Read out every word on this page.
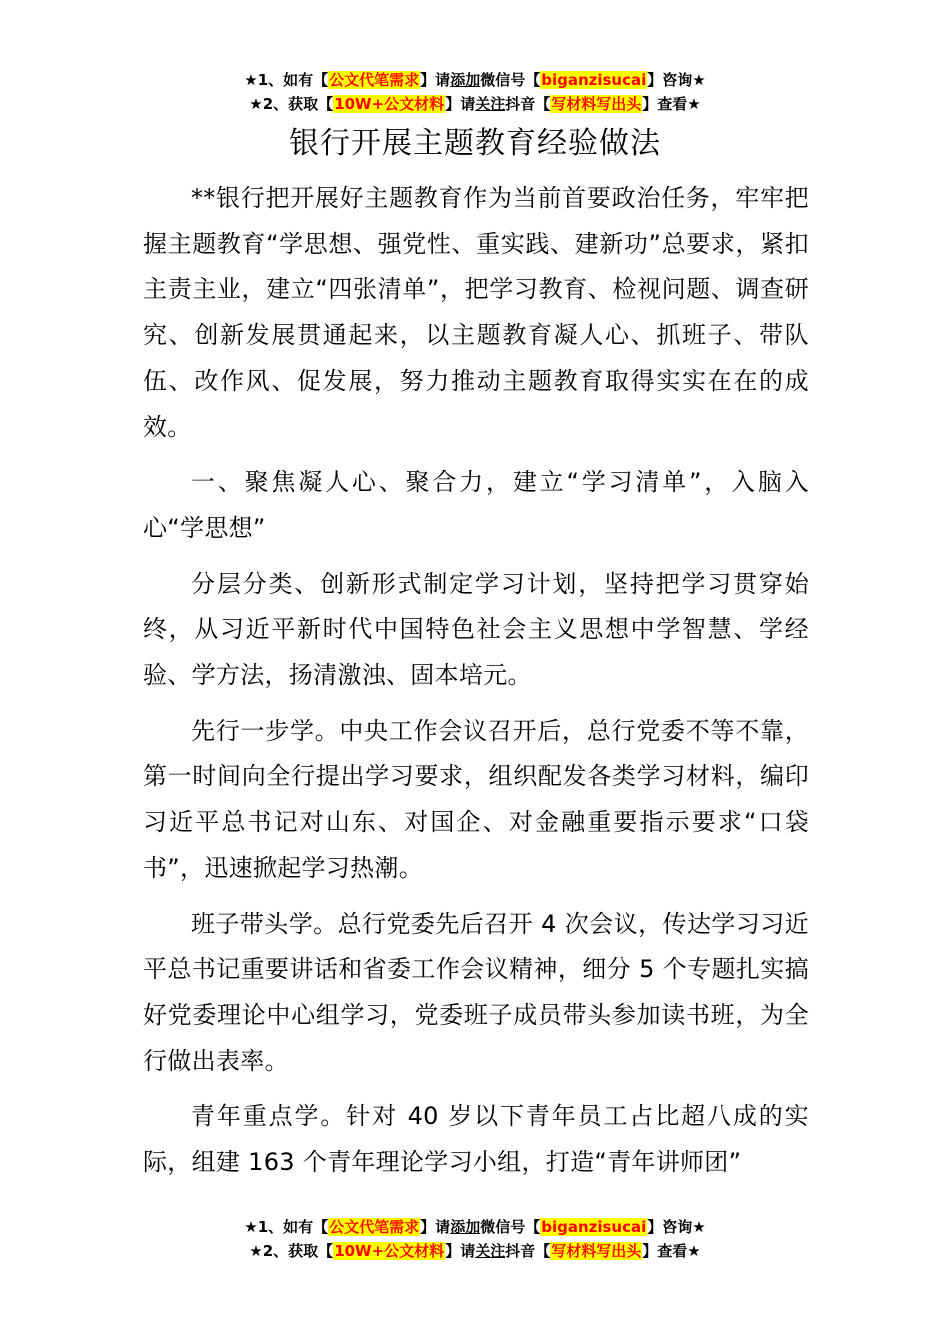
★1、如有【公文代笔需求】请添加微信号【biganzisucai】咨询★
★2、获取【10W+公文材料】请关注抖音【写材料写出头】查看★
银行开展主题教育经验做法

**银行把开展好主题教育作为当前首要政治任务，牢牢把握主题教育“学思想、强党性、重实践、建新功”总要求，紧扣主责主业，建立“四张清单”，把学习教育、检视问题、调查研究、创新发展贯通起来，以主题教育凝人心、抓班子、带队伍、改作风、促发展，努力推动主题教育取得实实在在的成效。

一、聚焦凝人心、聚合力，建立“学习清单”，入脑入心“学思想”

分层分类、创新形式制定学习计划，坚持把学习贯穿始终，从习近平新时代中国特色社会主义思想中学智慧、学经验、学方法，扬清激浊、固本培元。

先行一步学。中央工作会议召开后，总行党委不等不靠，第一时间向全行提出学习要求，组织配发各类学习材料，编印习近平总书记对山东、对国企、对金融重要指示要求“口袋书”，迅速掀起学习热潮。

班子带头学。总行党委先后召开 4 次会议，传达学习习近平总书记重要讲话和省委工作会议精神，细分 5 个专题扎实搞好党委理论中心组学习，党委班子成员带头参加读书班，为全行做出表率。

青年重点学。针对 40 岁以下青年员工占比超八成的实际，组建 163 个青年理论学习小组，打造“青年讲师团”

★1、如有【公文代笔需求】请添加微信号【biganzisucai】咨询★
★2、获取【10W+公文材料】请关注抖音【写材料写出头】查看★
